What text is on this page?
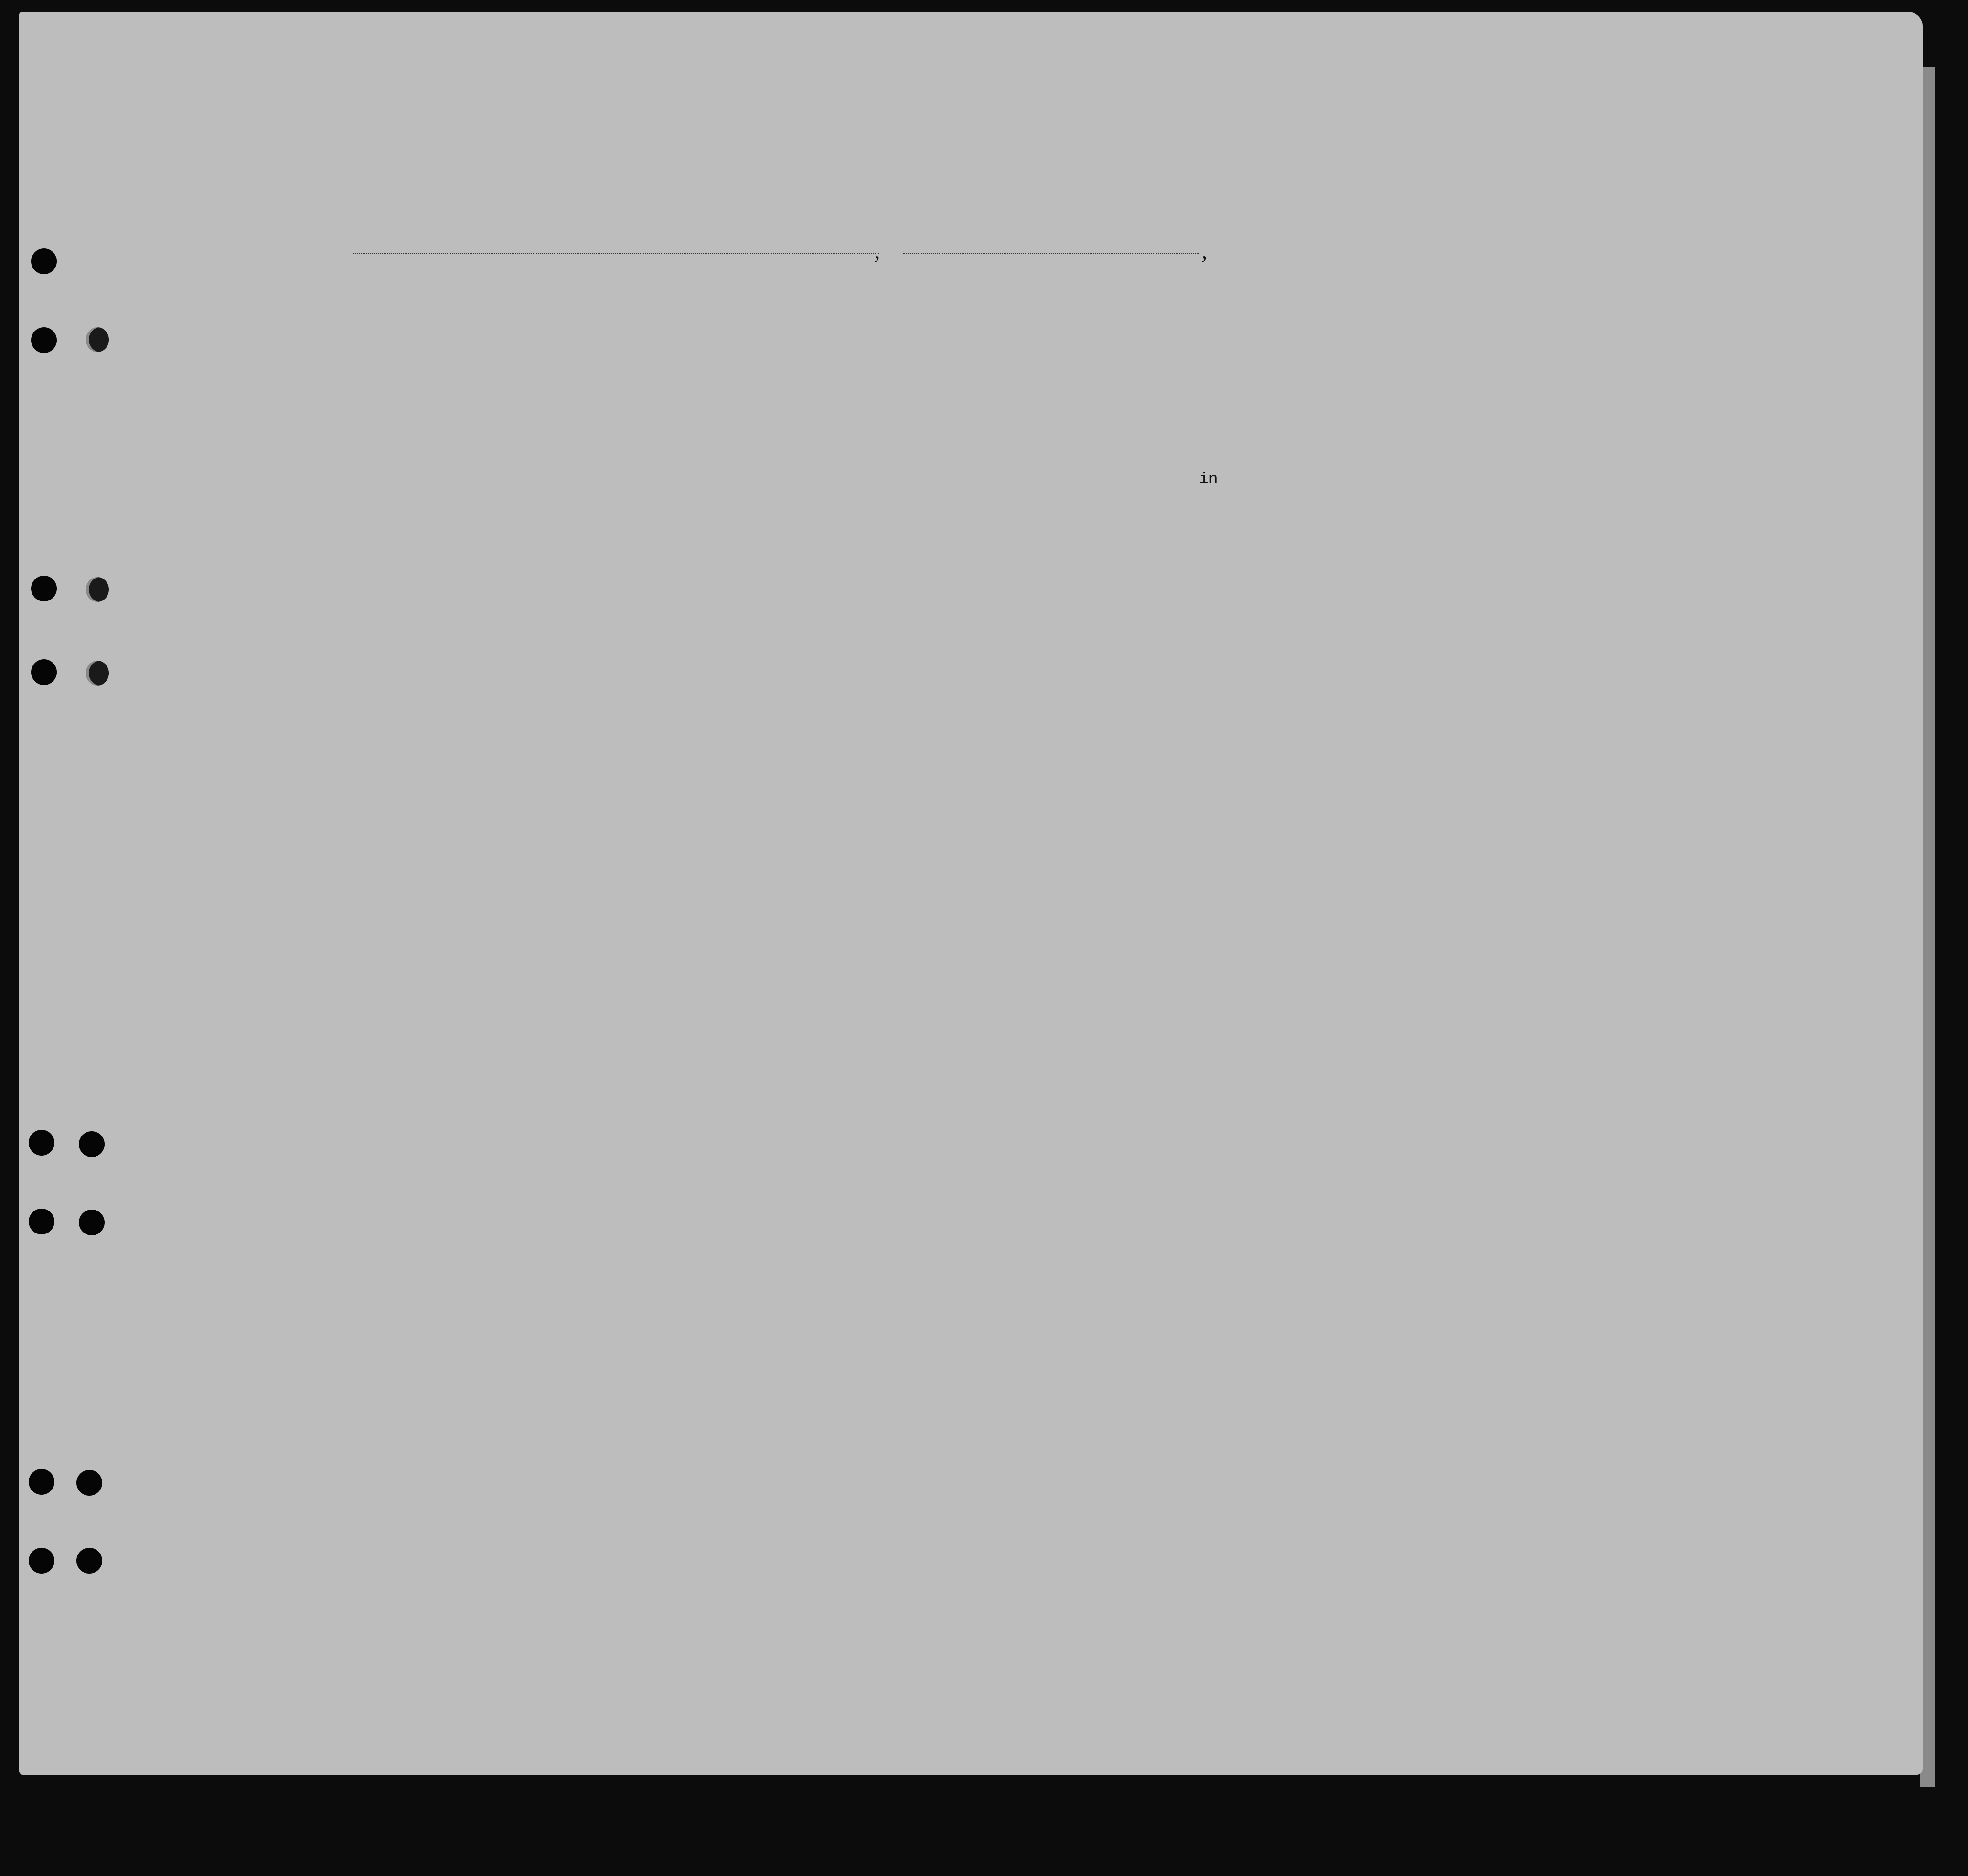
,	,
in
